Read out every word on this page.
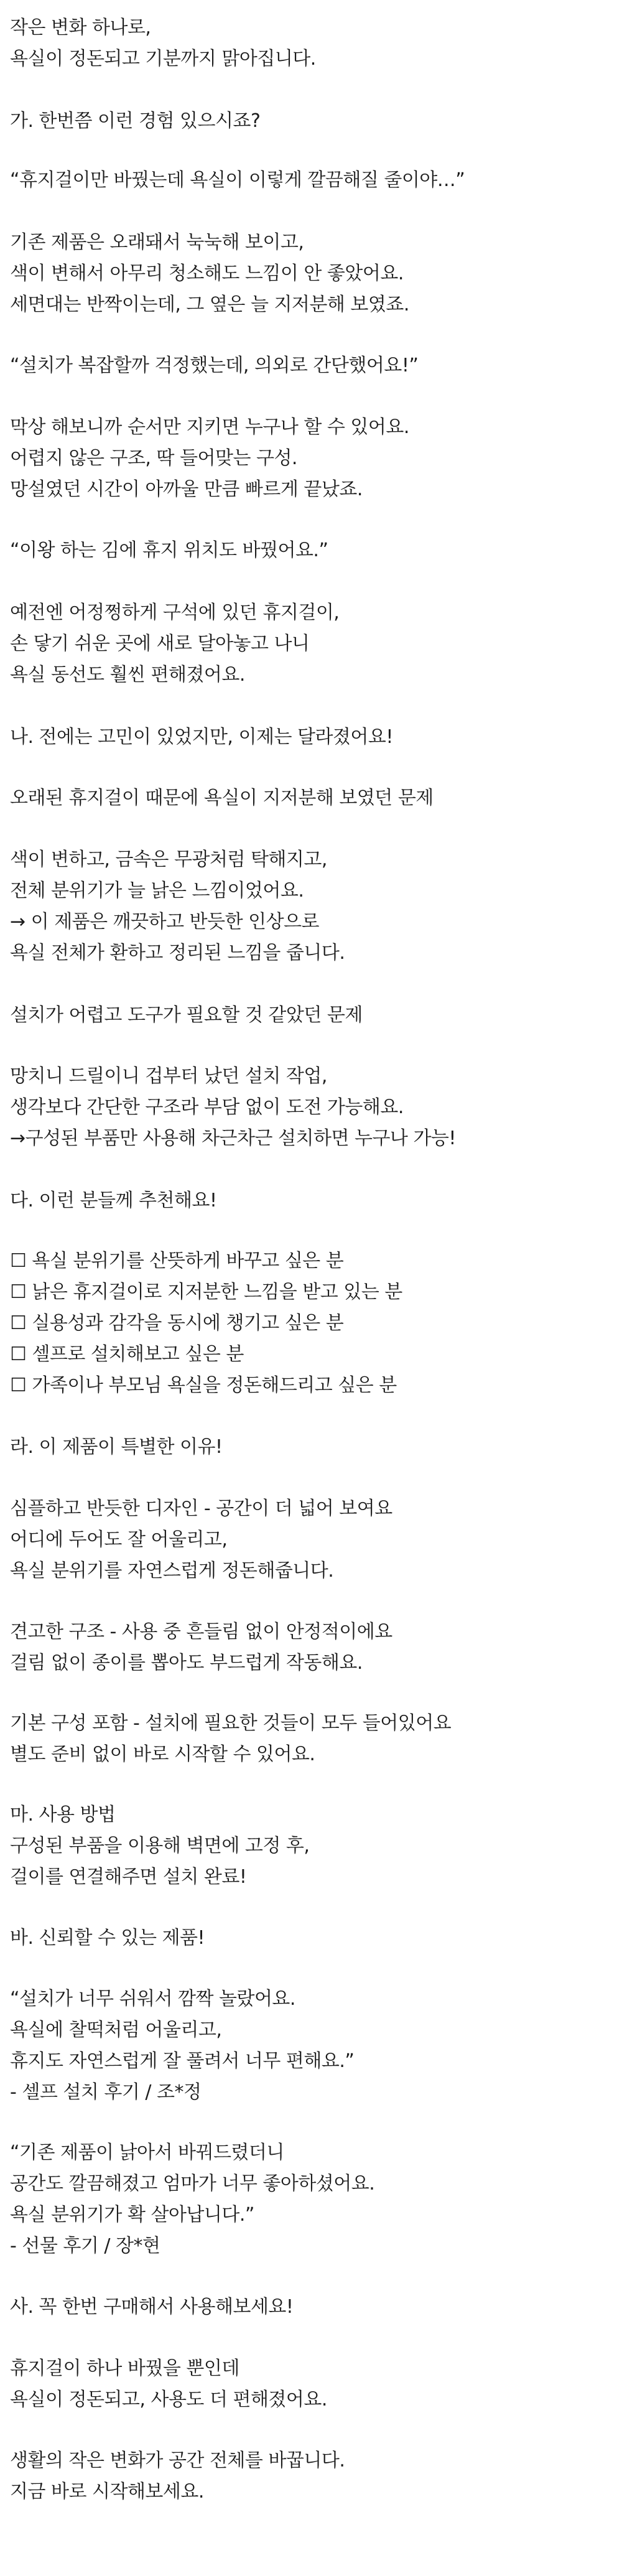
작은 변화 하나로,

욕실이 정돈되고 기분까지 맑아집니다.

가. 한번쯤 이런 경험 있으시죠?

“휴지걸이만 바꿨는데 욕실이 이렇게 깔끔해질 줄이야…”

기존 제품은 오래돼서 눅눅해 보이고,

색이 변해서 아무리 청소해도 느낌이 안 좋았어요.

세면대는 반짝이는데, 그 옆은 늘 지저분해 보였죠.

“설치가 복잡할까 걱정했는데, 의외로 간단했어요!”

막상 해보니까 순서만 지키면 누구나 할 수 있어요.

어렵지 않은 구조, 딱 들어맞는 구성.

망설였던 시간이 아까울 만큼 빠르게 끝났죠.

“이왕 하는 김에 휴지 위치도 바꿨어요.”

예전엔 어정쩡하게 구석에 있던 휴지걸이,

손 닿기 쉬운 곳에 새로 달아놓고 나니

욕실 동선도 훨씬 편해졌어요.

나. 전에는 고민이 있었지만, 이제는 달라졌어요!

오래된 휴지걸이 때문에 욕실이 지저분해 보였던 문제

색이 변하고, 금속은 무광처럼 탁해지고,

전체 분위기가 늘 낡은 느낌이었어요.

→ 이 제품은 깨끗하고 반듯한 인상으로

욕실 전체가 환하고 정리된 느낌을 줍니다.

설치가 어렵고 도구가 필요할 것 같았던 문제

망치니 드릴이니 겁부터 났던 설치 작업,

생각보다 간단한 구조라 부담 없이 도전 가능해요.

→구성된 부품만 사용해 차근차근 설치하면 누구나 가능!

다. 이런 분들께 추천해요!

☐ 욕실 분위기를 산뜻하게 바꾸고 싶은 분

☐ 낡은 휴지걸이로 지저분한 느낌을 받고 있는 분

☐ 실용성과 감각을 동시에 챙기고 싶은 분

☐ 셀프로 설치해보고 싶은 분

☐ 가족이나 부모님 욕실을 정돈해드리고 싶은 분

라. 이 제품이 특별한 이유!

심플하고 반듯한 디자인 - 공간이 더 넓어 보여요

어디에 두어도 잘 어울리고,

욕실 분위기를 자연스럽게 정돈해줍니다.

견고한 구조 - 사용 중 흔들림 없이 안정적이에요

걸림 없이 종이를 뽑아도 부드럽게 작동해요.

기본 구성 포함 - 설치에 필요한 것들이 모두 들어있어요

별도 준비 없이 바로 시작할 수 있어요.

마. 사용 방법

구성된 부품을 이용해 벽면에 고정 후,

걸이를 연결해주면 설치 완료!

바. 신뢰할 수 있는 제품!

“설치가 너무 쉬워서 깜짝 놀랐어요.

욕실에 찰떡처럼 어울리고,

휴지도 자연스럽게 잘 풀려서 너무 편해요.”

- 셀프 설치 후기 / 조*정

“기존 제품이 낡아서 바꿔드렸더니

공간도 깔끔해졌고 엄마가 너무 좋아하셨어요.

욕실 분위기가 확 살아납니다.”

- 선물 후기 / 장*현

사. 꼭 한번 구매해서 사용해보세요!

휴지걸이 하나 바꿨을 뿐인데

욕실이 정돈되고, 사용도 더 편해졌어요.

생활의 작은 변화가 공간 전체를 바꿉니다.

지금 바로 시작해보세요.
